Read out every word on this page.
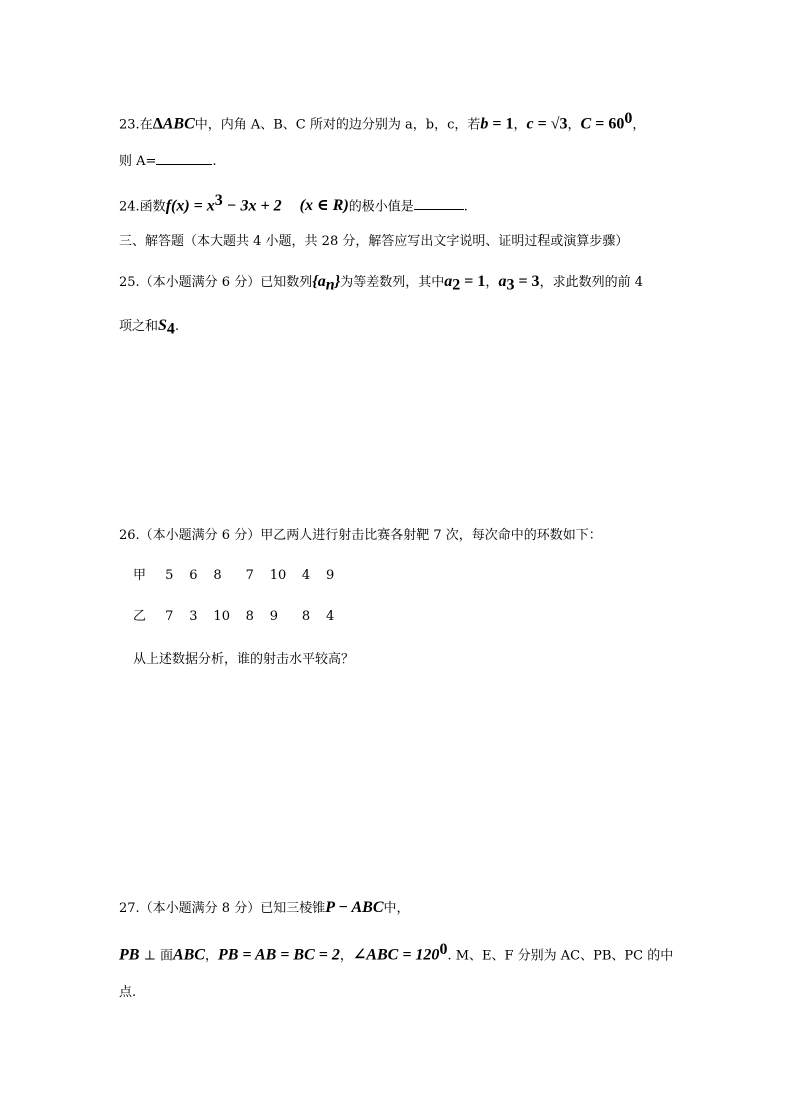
23.在ΔABC中，内角 A、B、C 所对的边分别为 a，b，c，若b = 1，c = √3，$C = 60^0$，
则 A=	.
24.函数$f(x) = x^3 - 3x + 2$ (x ∈ R)的极小值是	.
三、解答题（本大题共 4 小题，共 28 分，解答应写出文字说明、证明过程或演算步骤）
25.（本小题满分 6 分）已知数列$\{a_n\}$为等差数列，其中$a_2 = 1$，$a_3 = 3$，求此数列的前 4
项之和$S_4$.
26.（本小题满分 6 分）甲乙两人进行射击比赛各射靶 7 次，每次命中的环数如下：
甲 5 6 8 7 10 4 9
乙 7 3 10 8 9 8 4
从上述数据分析，谁的射击水平较高？
27.（本小题满分 8 分）已知三棱锥P − ABC中，
PB ⊥ 面ABC，PB = AB = BC = 2，∠ABC = $120^0$. M、E、F 分别为 AC、PB、PC 的中
点.
